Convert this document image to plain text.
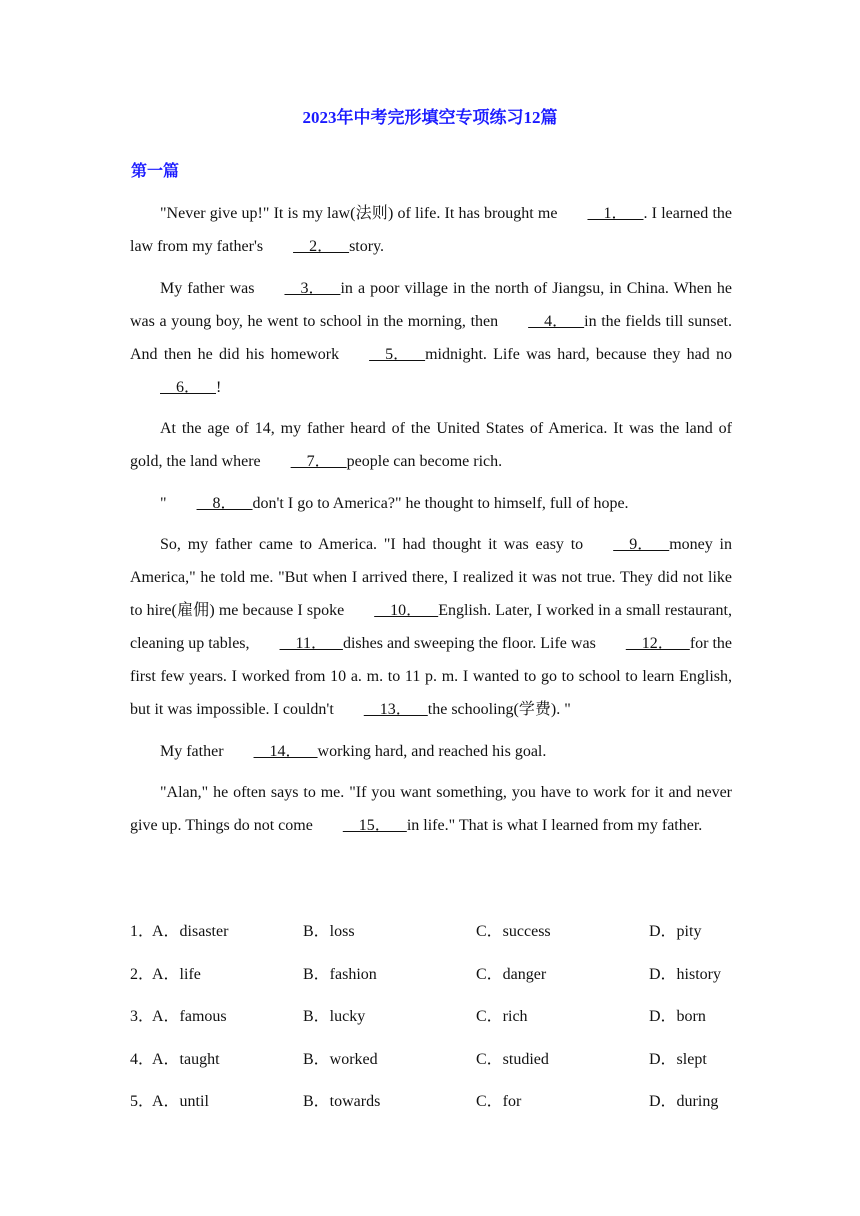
2023年中考完形填空专项练习12篇
第一篇

"Never give up!" It is my law(法则) of life. It has brought me    1．    . I learned the law from my father's    2．    story.

My father was    3．    in a poor village in the north of Jiangsu, in China. When he was a young boy, he went to school in the morning, then    4．    in the fields till sunset. And then he did his homework    5．    midnight. Life was hard, because they had no    6．    !

At the age of 14, my father heard of the United States of America. It was the land of gold, the land where    7．    people can become rich.

"    8．    don't I go to America?" he thought to himself, full of hope.

So, my father came to America. "I had thought it was easy to    9．    money in America," he told me. "But when I arrived there, I realized it was not true. They did not like to hire(雇佣) me because I spoke    10．    English. Later, I worked in a small restaurant, cleaning up tables,    11．    dishes and sweeping the floor. Life was    12．    for the first few years. I worked from 10 a. m. to 11 p. m. I wanted to go to school to learn English, but it was impossible. I couldn't    13．    the schooling(学费). "

My father    14．    working hard, and reached his goal.

"Alan," he often says to me. "If you want something, you have to work for it and never give up. Things do not come    15．    in life." That is what I learned from my father.

1．
A．disaster	B．loss	C．success	D．pity
2．
A．life	B．fashion	C．danger	D．history
3．
A．famous	B．lucky	C．rich	D．born
4．
A．taught	B．worked	C．studied	D．slept
5．
A．until	B．towards	C．for	D．during
